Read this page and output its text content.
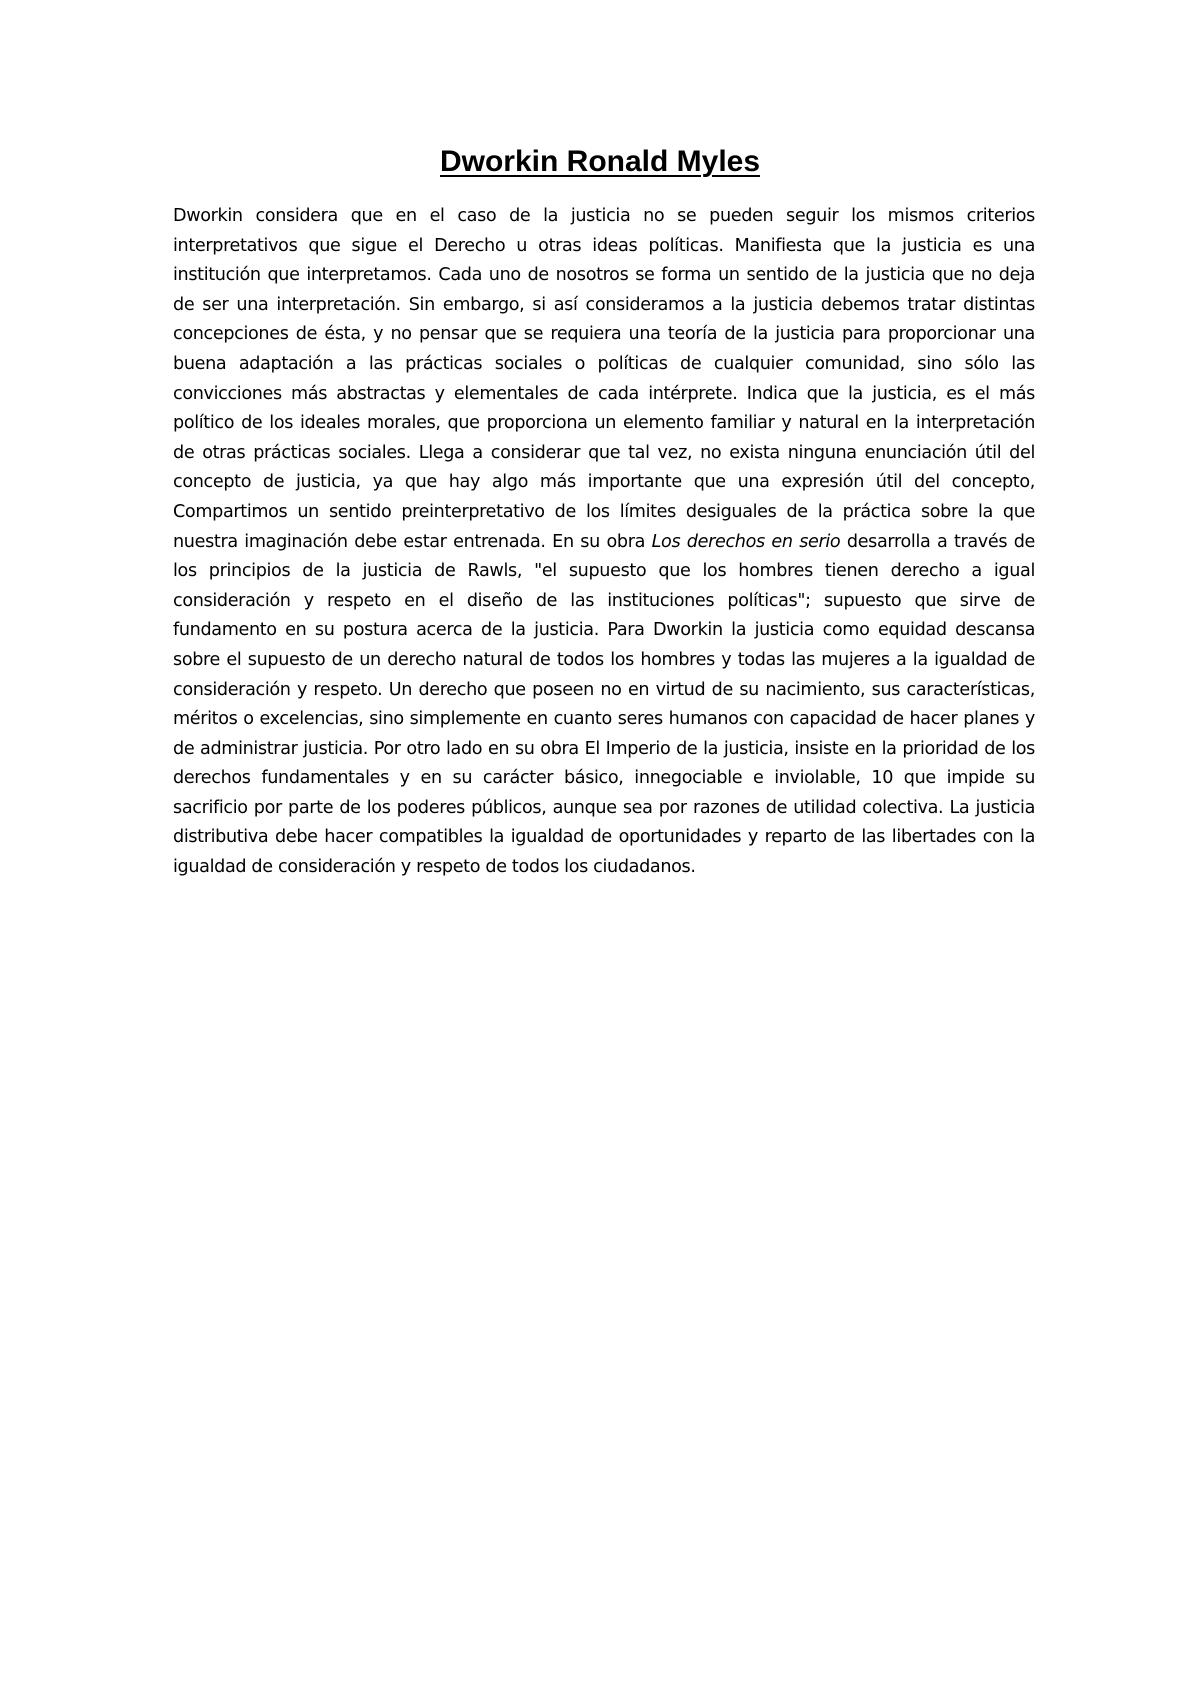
Dworkin Ronald Myles

Dworkin considera que en el caso de la justicia no se pueden seguir los mismos criterios interpretativos que sigue el Derecho u otras ideas políticas. Manifiesta que la justicia es una institución que interpretamos. Cada uno de nosotros se forma un sentido de la justicia que no deja de ser una interpretación. Sin embargo, si así consideramos a la justicia debemos tratar distintas concepciones de ésta, y no pensar que se requiera una teoría de la justicia para proporcionar una buena adaptación a las prácticas sociales o políticas de cualquier comunidad, sino sólo las convicciones más abstractas y elementales de cada intérprete. Indica que la justicia, es el más político de los ideales morales, que proporciona un elemento familiar y natural en la interpretación de otras prácticas sociales. Llega a considerar que tal vez, no exista ninguna enunciación útil del concepto de justicia, ya que hay algo más importante que una expresión útil del concepto, Compartimos un sentido preinterpretativo de los límites desiguales de la práctica sobre la que nuestra imaginación debe estar entrenada. En su obra Los derechos en serio desarrolla a través de los principios de la justicia de Rawls, "el supuesto que los hombres tienen derecho a igual consideración y respeto en el diseño de las instituciones políticas"; supuesto que sirve de fundamento en su postura acerca de la justicia. Para Dworkin la justicia como equidad descansa sobre el supuesto de un derecho natural de todos los hombres y todas las mujeres a la igualdad de consideración y respeto. Un derecho que poseen no en virtud de su nacimiento, sus características, méritos o excelencias, sino simplemente en cuanto seres humanos con capacidad de hacer planes y de administrar justicia. Por otro lado en su obra El Imperio de la justicia, insiste en la prioridad de los derechos fundamentales y en su carácter básico, innegociable e inviolable, 10 que impide su sacrificio por parte de los poderes públicos, aunque sea por razones de utilidad colectiva. La justicia distributiva debe hacer compatibles la igualdad de oportunidades y reparto de las libertades con la igualdad de consideración y respeto de todos los ciudadanos.
